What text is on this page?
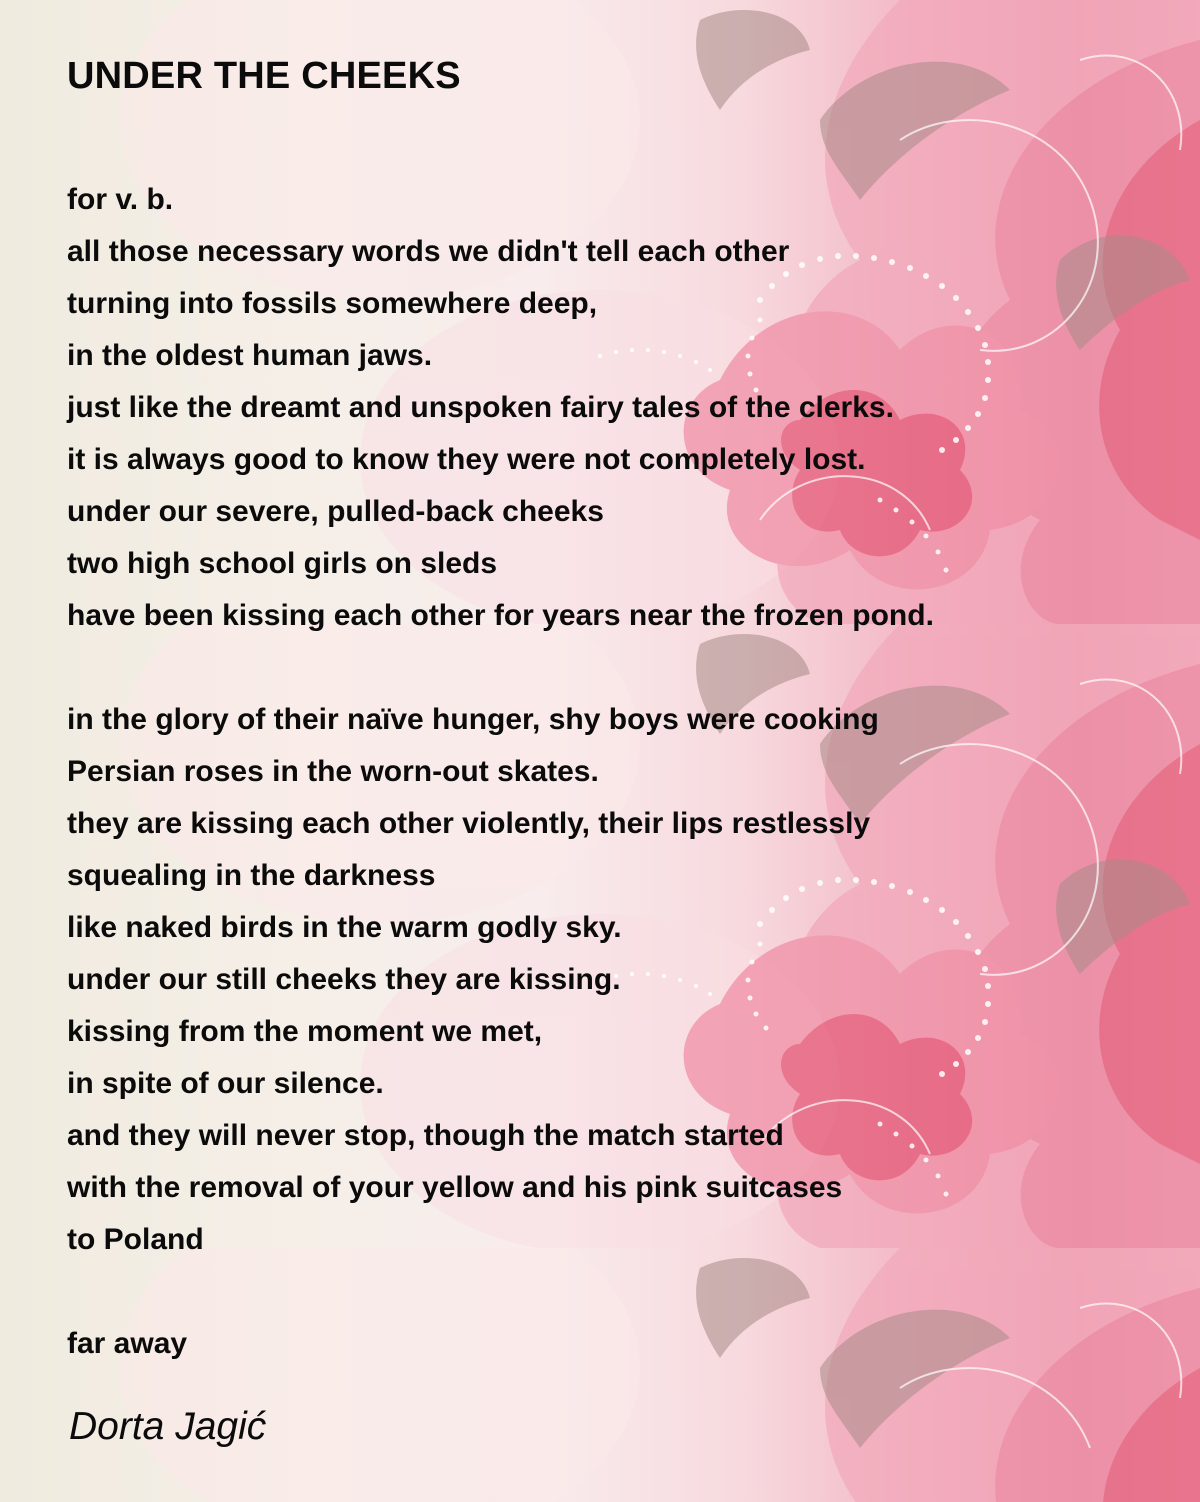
UNDER THE CHEEKS
for v. b.
all those necessary words we didn't tell each other
turning into fossils somewhere deep,
in the oldest human jaws.
just like the dreamt and unspoken fairy tales of the clerks.
it is always good to know they were not completely lost.
under our severe, pulled-back cheeks
two high school girls on sleds
have been kissing each other for years near the frozen pond.
in the glory of their naïve hunger, shy boys were cooking
Persian roses in the worn-out skates.
they are kissing each other violently, their lips restlessly
squealing in the darkness
like naked birds in the warm godly sky.
under our still cheeks they are kissing.
kissing from the moment we met,
in spite of our silence.
and they will never stop, though the match started
with the removal of your yellow and his pink suitcases
to Poland
far away
Dorta Jagić
